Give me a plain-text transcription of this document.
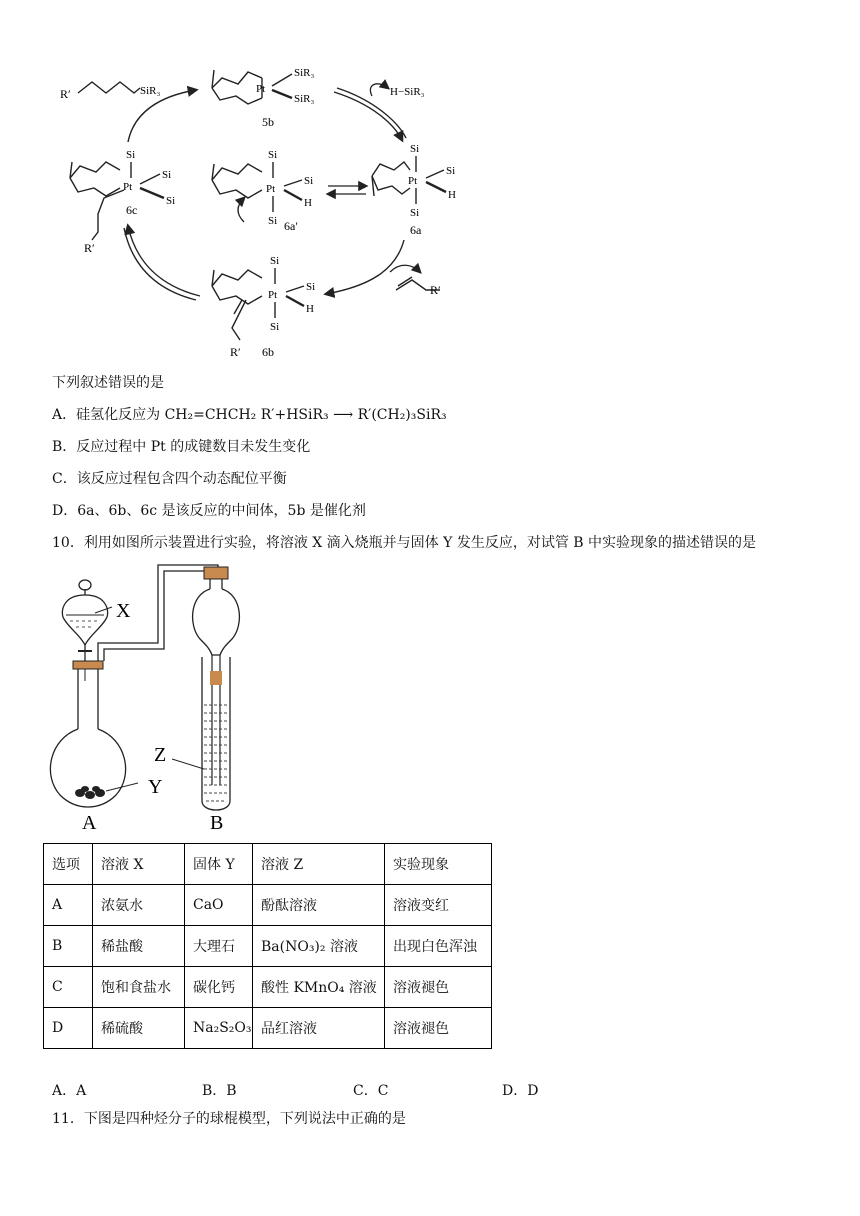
R′	SiR₃	Pt
SiR₃
SiR₃
5b
H−SiR₃
Si
Pt
Si
Si
6c
R′
Si
Pt
Si
H
Si 6a′
Si
Pt
Si
H
Si
6a
Si
Pt
Si
H
Si
R′ 6b
R′
下列叙述错误的是
A．硅氢化反应为 CH₂=CHCH₂ R′+HSiR₃ ⟶ R′(CH₂)₃SiR₃
B．反应过程中 Pt 的成键数目未发生变化
C．该反应过程包含四个动态配位平衡
D．6a、6b、6c 是该反应的中间体，5b 是催化剂
10．利用如图所示装置进行实验，将溶液 X 滴入烧瓶并与固体 Y 发生反应，对试管 B 中实验现象的描述错误的是
X
Y
Z
A	B
选项	溶液 X	固体 Y	溶液 Z	实验现象
A	浓氨水	CaO	酚酞溶液	溶液变红
B	稀盐酸	大理石	Ba(NO₃)₂ 溶液	出现白色浑浊
C	饱和食盐水	碳化钙	酸性 KMnO₄ 溶液	溶液褪色
D	稀硫酸	Na₂S₂O₃	品红溶液	溶液褪色
A．A	B．B	C．C	D．D
11．下图是四种烃分子的球棍模型，下列说法中正确的是
